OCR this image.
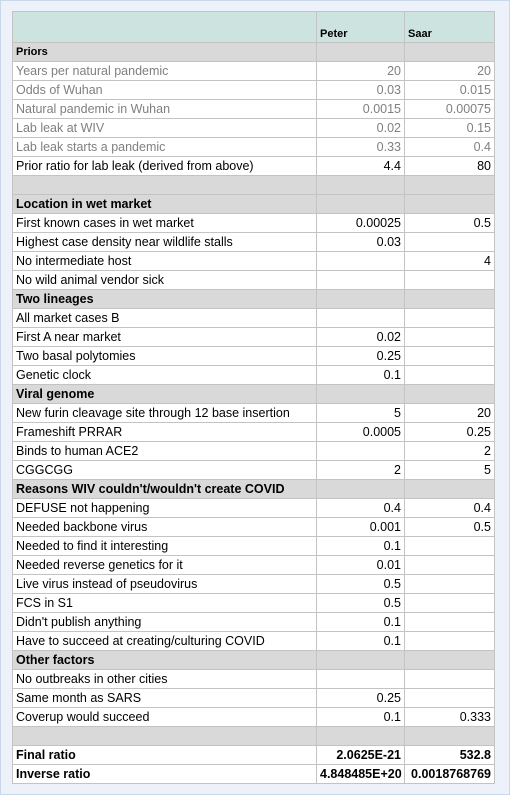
	Peter	Saar
Priors		
Years per natural pandemic	20	20
Odds of Wuhan	0.03	0.015
Natural pandemic in Wuhan	0.0015	0.00075
Lab leak at WIV	0.02	0.15
Lab leak starts a pandemic	0.33	0.4
Prior ratio for lab leak (derived from above)	4.4	80

Location in wet market		
First known cases in wet market	0.00025	0.5
Highest case density near wildlife stalls	0.03	
No intermediate host		4
No wild animal vendor sick		
Two lineages		
All market cases B		
First A near market	0.02	
Two basal polytomies	0.25	
Genetic clock	0.1	
Viral genome		
New furin cleavage site through 12 base insertion	5	20
Frameshift PRRAR	0.0005	0.25
Binds to human ACE2		2
CGGCGG	2	5
Reasons WIV couldn't/wouldn't create COVID		
DEFUSE not happening	0.4	0.4
Needed backbone virus	0.001	0.5
Needed to find it interesting	0.1	
Needed reverse genetics for it	0.01	
Live virus instead of pseudovirus	0.5	
FCS in S1	0.5	
Didn't publish anything	0.1	
Have to succeed at creating/culturing COVID	0.1	
Other factors		
No outbreaks in other cities		
Same month as SARS	0.25	
Coverup would succeed	0.1	0.333

Final ratio	2.0625E-21	532.8
Inverse ratio	4.848485E+20	0.0018768769
